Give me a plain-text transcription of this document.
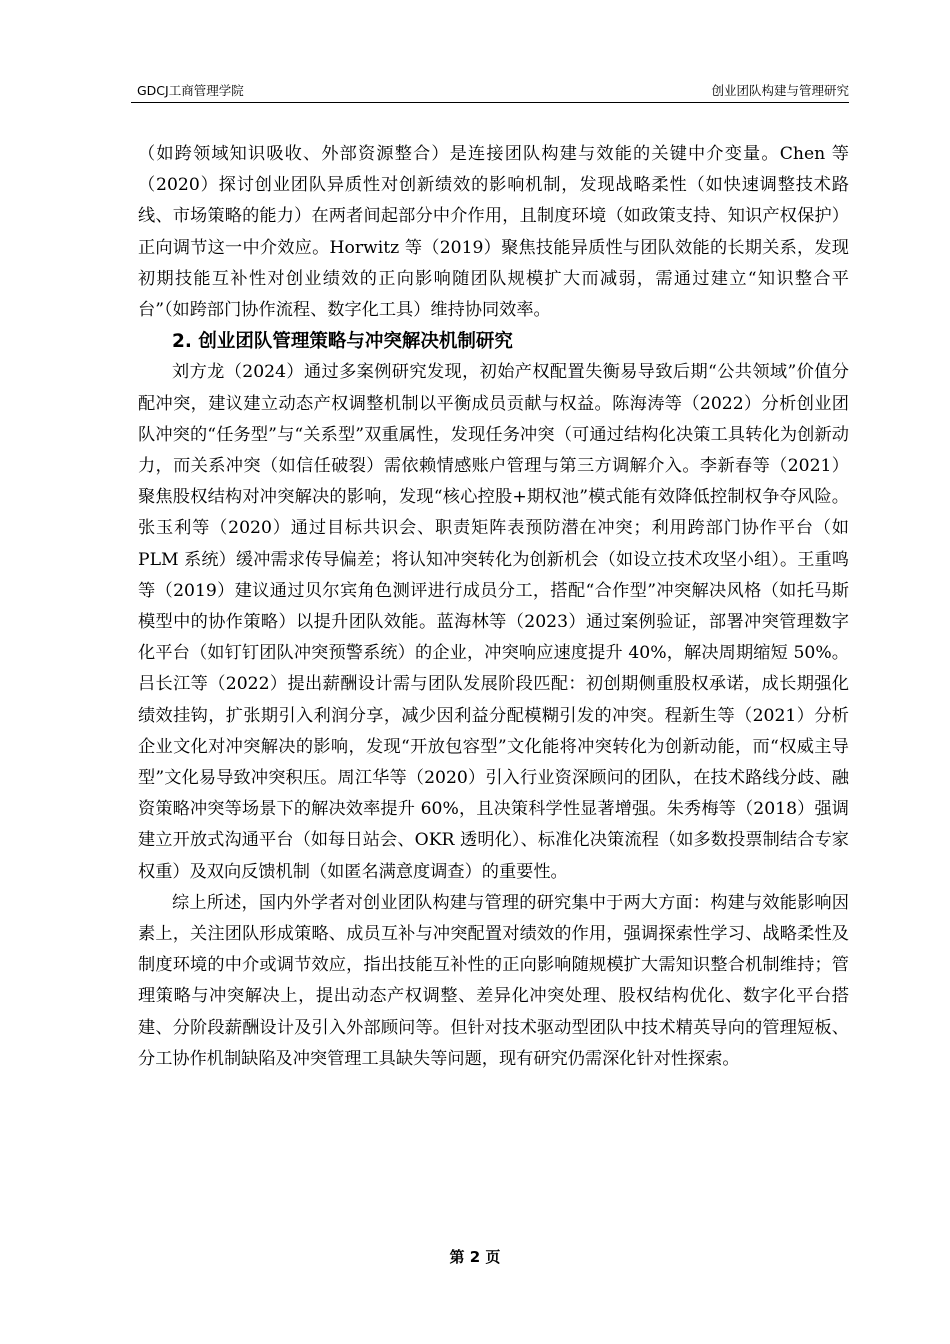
GDCJ工商管理学院	创业团队构建与管理研究

（如跨领域知识吸收、外部资源整合）是连接团队构建与效能的关键中介变量。Chen 等（2020）探讨创业团队异质性对创新绩效的影响机制，发现战略柔性（如快速调整技术路线、市场策略的能力）在两者间起部分中介作用，且制度环境（如政策支持、知识产权保护）正向调节这一中介效应。Horwitz 等（2019）聚焦技能异质性与团队效能的长期关系，发现初期技能互补性对创业绩效的正向影响随团队规模扩大而减弱，需通过建立“知识整合平台”（如跨部门协作流程、数字化工具）维持协同效率。

2. 创业团队管理策略与冲突解决机制研究

刘方龙（2024）通过多案例研究发现，初始产权配置失衡易导致后期“公共领域”价值分配冲突，建议建立动态产权调整机制以平衡成员贡献与权益。陈海涛等（2022）分析创业团队冲突的“任务型”与“关系型”双重属性，发现任务冲突（可通过结构化决策工具转化为创新动力，而关系冲突（如信任破裂）需依赖情感账户管理与第三方调解介入。李新春等（2021）聚焦股权结构对冲突解决的影响，发现“核心控股+期权池”模式能有效降低控制权争夺风险。张玉利等（2020）通过目标共识会、职责矩阵表预防潜在冲突；利用跨部门协作平台（如 PLM 系统）缓冲需求传导偏差；将认知冲突转化为创新机会（如设立技术攻坚小组）。王重鸣等（2019）建议通过贝尔宾角色测评进行成员分工，搭配“合作型”冲突解决风格（如托马斯模型中的协作策略）以提升团队效能。蓝海林等（2023）通过案例验证，部署冲突管理数字化平台（如钉钉团队冲突预警系统）的企业，冲突响应速度提升 40%，解决周期缩短 50%。吕长江等（2022）提出薪酬设计需与团队发展阶段匹配：初创期侧重股权承诺，成长期强化绩效挂钩，扩张期引入利润分享，减少因利益分配模糊引发的冲突。程新生等（2021）分析企业文化对冲突解决的影响，发现“开放包容型”文化能将冲突转化为创新动能，而“权威主导型”文化易导致冲突积压。周江华等（2020）引入行业资深顾问的团队，在技术路线分歧、融资策略冲突等场景下的解决效率提升 60%，且决策科学性显著增强。朱秀梅等（2018）强调建立开放式沟通平台（如每日站会、OKR 透明化）、标准化决策流程（如多数投票制结合专家权重）及双向反馈机制（如匿名满意度调查）的重要性。

综上所述，国内外学者对创业团队构建与管理的研究集中于两大方面：构建与效能影响因素上，关注团队形成策略、成员互补与冲突配置对绩效的作用，强调探索性学习、战略柔性及制度环境的中介或调节效应，指出技能互补性的正向影响随规模扩大需知识整合机制维持；管理策略与冲突解决上，提出动态产权调整、差异化冲突处理、股权结构优化、数字化平台搭建、分阶段薪酬设计及引入外部顾问等。但针对技术驱动型团队中技术精英导向的管理短板、分工协作机制缺陷及冲突管理工具缺失等问题，现有研究仍需深化针对性探索。

第 2 页
